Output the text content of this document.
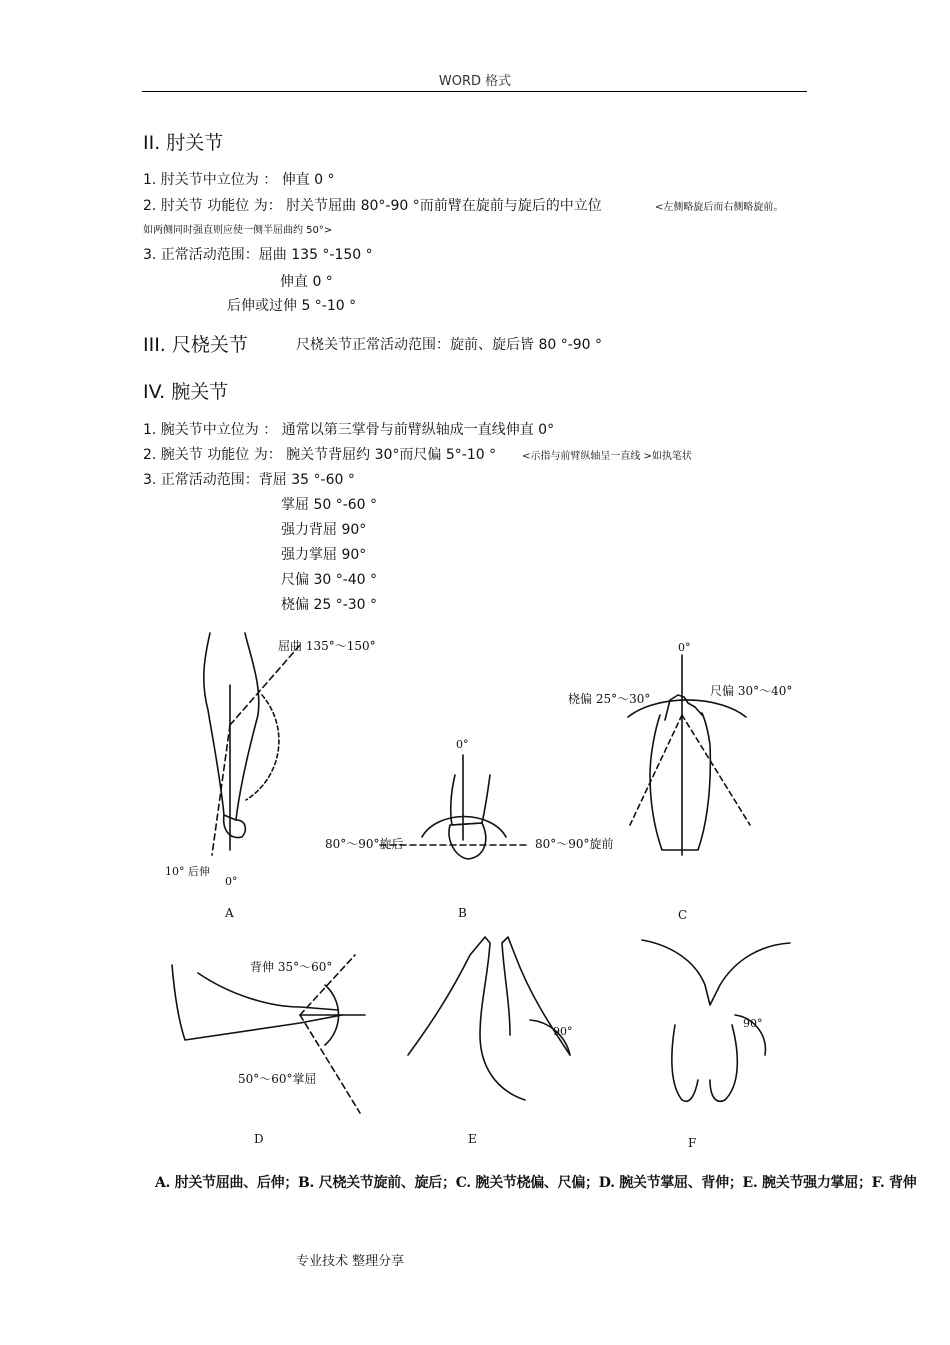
WORD 格式
II. 肘关节
1. 肘关节中立位为 ： 伸直 0 °
2. 肘关节 功能位 为： 肘关节屈曲 80°-90 °而前臂在旋前与旋后的中立位	<左侧略旋后而右侧略旋前。
如两侧同时强直则应使一侧半屈曲约 50°>
3. 正常活动范围：屈曲 135 °-150 °
伸直 0 °
后伸或过伸 5 °-10 °
III. 尺桡关节	尺桡关节正常活动范围：旋前、旋后皆 80 °-90 °
IV. 腕关节
1. 腕关节中立位为 ： 通常以第三掌骨与前臂纵轴成一直线伸直 0°
2. 腕关节 功能位 为： 腕关节背屈约 30°而尺偏 5°-10 °	<示指与前臂纵轴呈一直线 >如执笔状
3. 正常活动范围：背屈 35 °-60 °
掌屈 50 °-60 °
强力背屈 90°
强力掌屈 90°
尺偏 30 °-40 °
桡偏 25 °-30 °
屈曲 135°～150°
10° 后伸
0°
A
0°
80°～90°旋后	80°～90°旋前
B
0°
桡偏 25°～30°
尺偏 30°～40°
C
背伸 35°～60°
50°～60°掌屈
D
90°
E
90°
F
A. 肘关节屈曲、后伸；B. 尺桡关节旋前、旋后；C. 腕关节桡偏、尺偏；D. 腕关节掌屈、背伸；E. 腕关节强力掌屈；F. 背伸
专业技术 整理分享
